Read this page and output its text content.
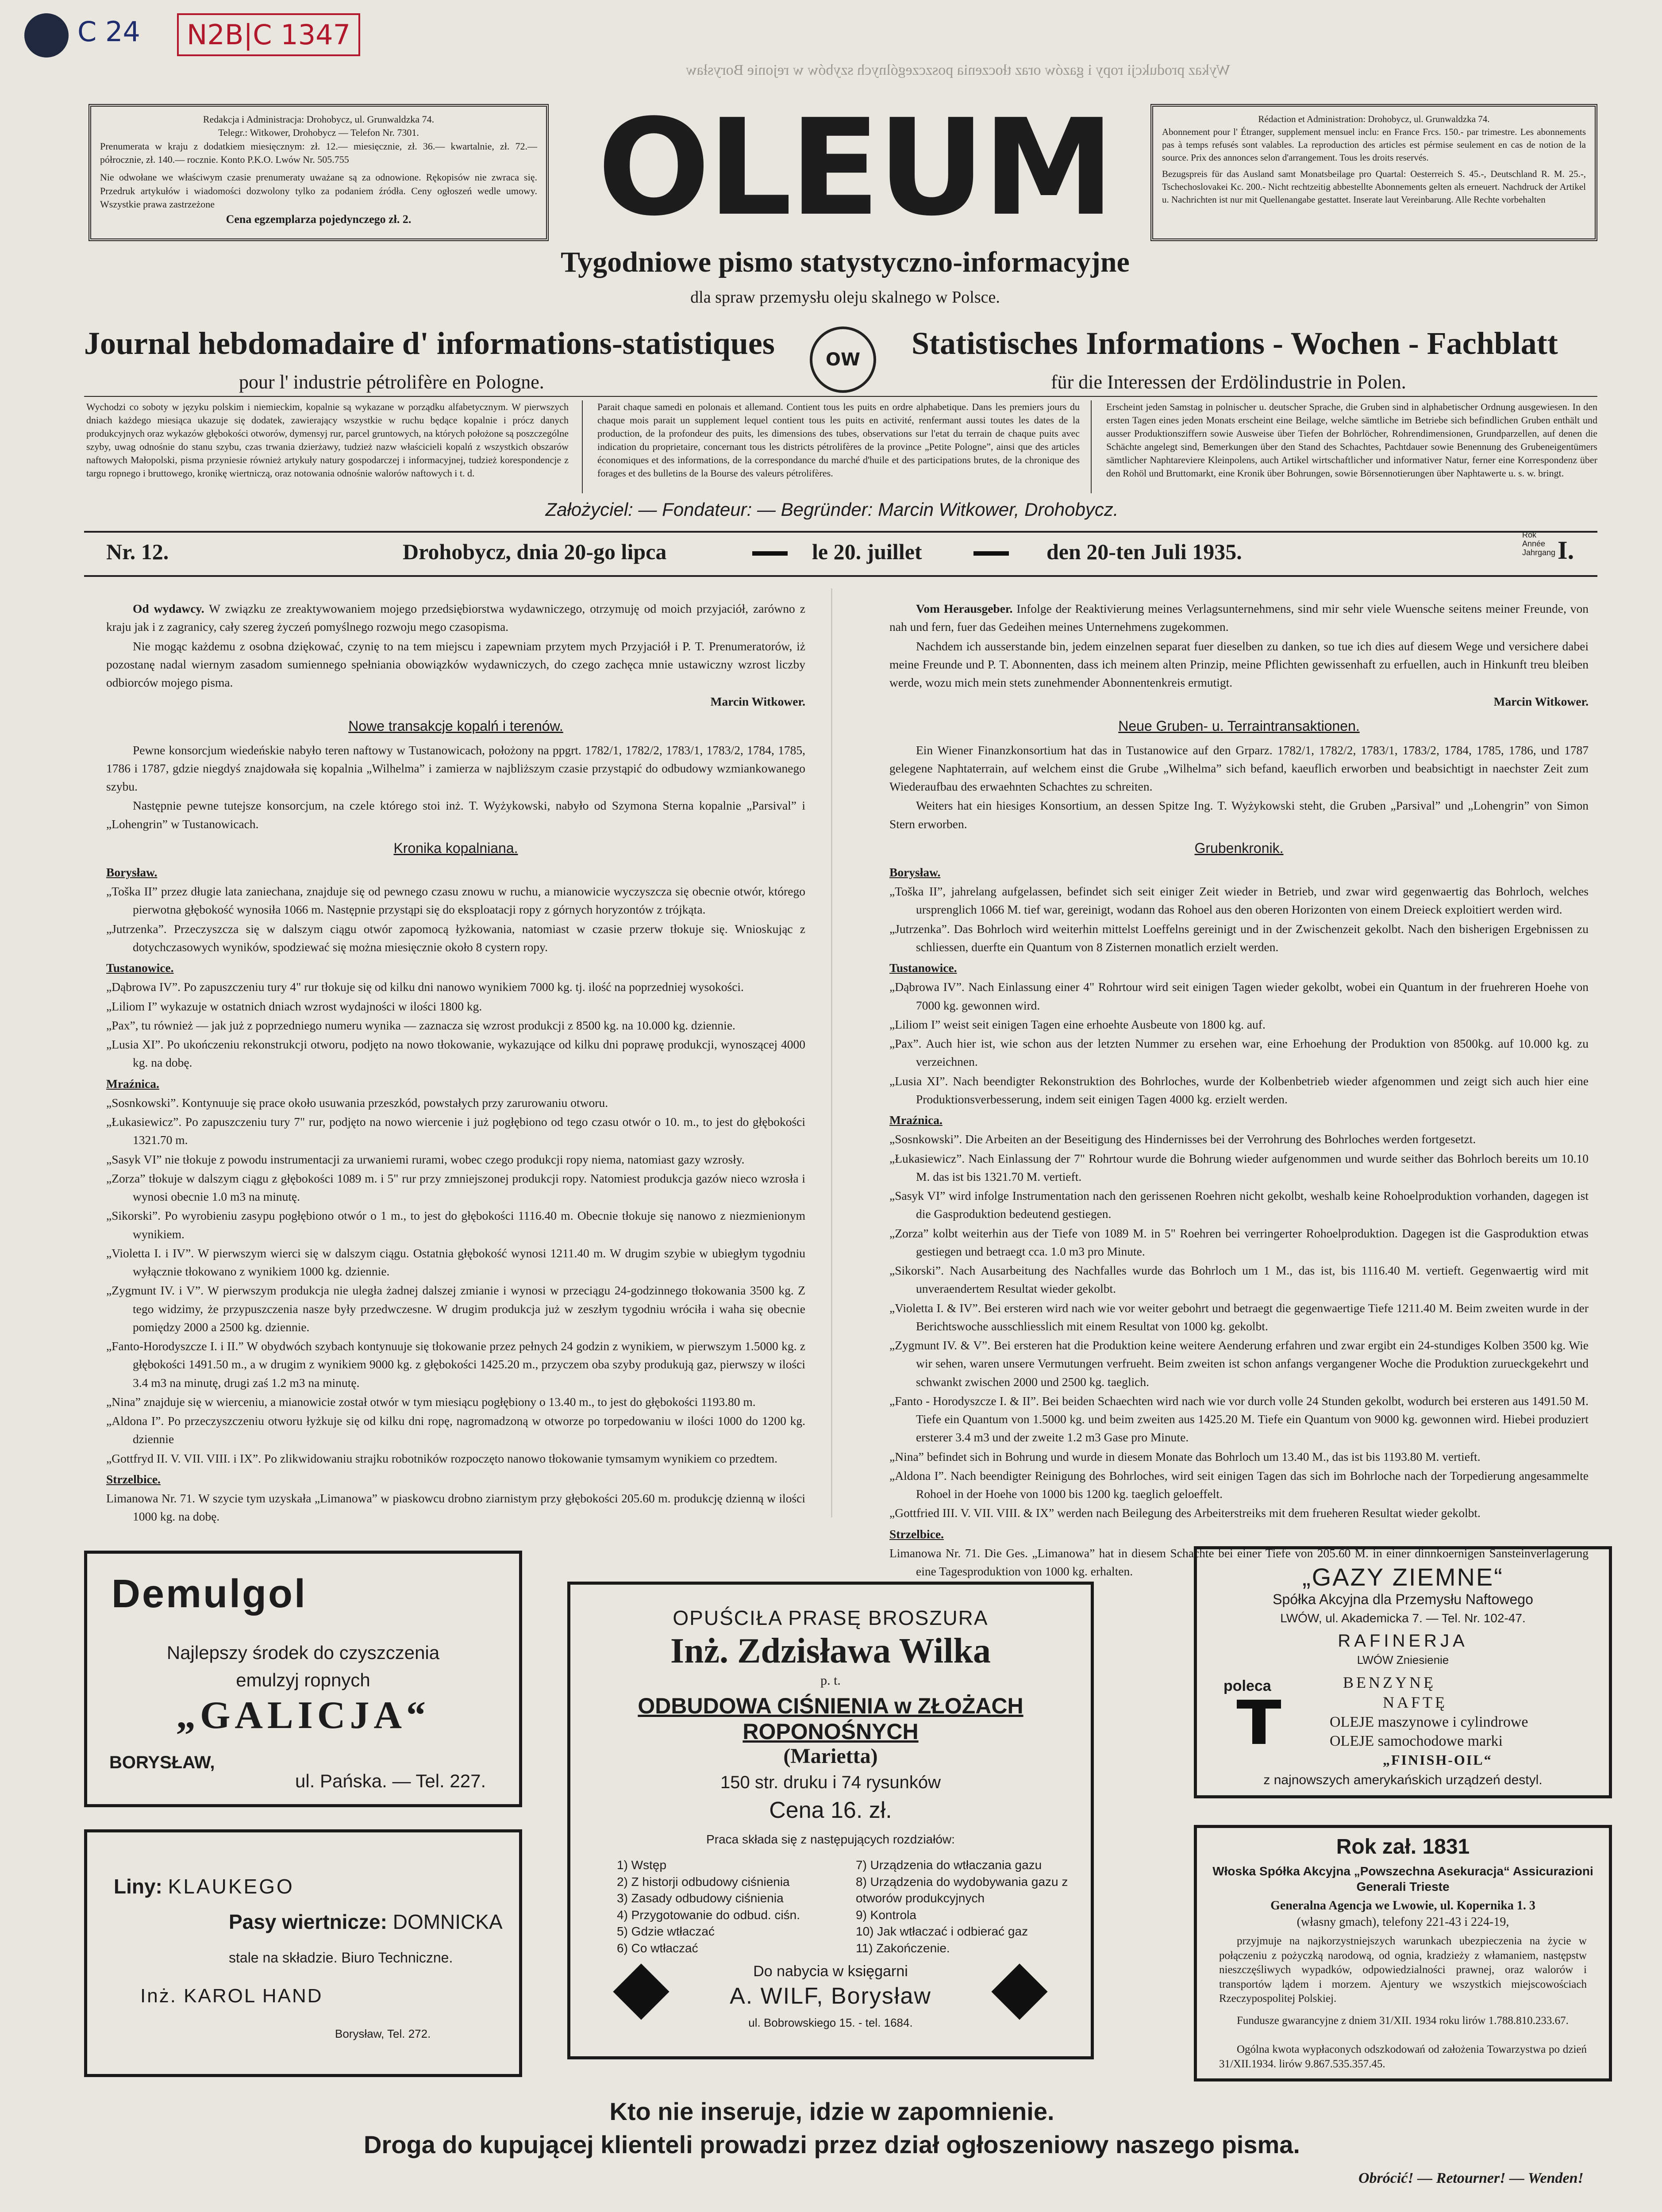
C 24	N2B|C 1347
Wykaz produkcji ropy i gazów oraz tłoczenia poszczególnych szybów w rejonie Borysław

Redakcja i Administracja: Drohobycz, ul. Grunwaldzka 74.

Telegr.: Witkower, Drohobycz — Telefon Nr. 7301.

Prenumerata w kraju z dodatkiem miesięcznym: zł. 12.— miesięcznie, zł. 36.— kwartalnie, zł. 72.— półrocznie, zł. 140.— rocznie. Konto P.K.O. Lwów Nr. 505.755

Nie odwołane we właściwym czasie prenumeraty uważane są za odnowione. Rękopisów nie zwraca się. Przedruk artykułów i wiadomości dozwolony tylko za podaniem źródła. Ceny ogłoszeń wedle umowy. Wszystkie prawa zastrzeżone

Cena egzemplarza pojedynczego zł. 2.

Rédaction et Administration: Drohobycz, ul. Grunwaldzka 74.

Abonnement pour l' Étranger, supplement mensuel inclu: en France Frcs. 150.- par trimestre. Les abonnements pas à temps refusés sont valables. La reproduction des articles est pérmise seulement en cas de notion de la source. Prix des annonces selon d'arrangement. Tous les droits reservés.

Bezugspreis für das Ausland samt Monatsbeilage pro Quartal: Oesterreich S. 45.-, Deutschland R. M. 25.-, Tschechoslovakei Kc. 200.- Nicht rechtzeitig abbestellte Abonnements gelten als erneuert. Nachdruck der Artikel u. Nachrichten ist nur mit Quellenangabe gestattet. Inserate laut Vereinbarung. Alle Rechte vorbehalten

OLEUM
Tygodniowe pismo statystyczno-informacyjne
dla spraw przemysłu oleju skalnego w Polsce.
Journal hebdomadaire d' informations-statistiques
pour l' industrie pétrolifère en Pologne.
OW	Statistisches Informations - Wochen - Fachblatt
für die Interessen der Erdölindustrie in Polen.
Wychodzi co soboty w języku polskim i niemieckim, kopalnie są wykazane w porządku alfabetycznym. W pierwszych dniach każdego miesiąca ukazuje się dodatek, zawierający wszystkie w ruchu będące kopalnie i prócz danych produkcyjnych oraz wykazów głębokości otworów, dymensyj rur, parcel gruntowych, na których położone są poszczególne szyby, uwag odnośnie do stanu szybu, czas trwania dzierżawy, tudzież nazw właścicieli kopalń z wszystkich obszarów naftowych Małopolski, pisma przyniesie również artykuły natury gospodarczej i informacyjnej, tudzież korespondencje z targu ropnego i bruttowego, kronikę wiertniczą, oraz notowania odnośnie walorów naftowych i t. d.
Parait chaque samedi en polonais et allemand. Contient tous les puits en ordre alphabetique. Dans les premiers jours du chaque mois parait un supplement lequel contient tous les puits en activité, renfermant aussi toutes les dates de la production, de la profondeur des puits, les dimensions des tubes, observations sur l'etat du terrain de chaque puits avec indication du proprietaire, concernant tous les districts pétrolifères de la province „Petite Pologne”, ainsi que des articles économiques et des informations, de la correspondance du marché d'huile et des participations brutes, de la chronique des forages et des bulletins de la Bourse des valeurs pétrolifères.
Erscheint jeden Samstag in polnischer u. deutscher Sprache, die Gruben sind in alphabetischer Ordnung ausgewiesen. In den ersten Tagen eines jeden Monats erscheint eine Beilage, welche sämtliche im Betriebe sich befindlichen Gruben enthält und ausser Produktionsziffern sowie Ausweise über Tiefen der Bohrlöcher, Rohrendimensionen, Grundparzellen, auf denen die Schächte angelegt sind, Bemerkungen über den Stand des Schachtes, Pachtdauer sowie Benennung des Grubeneigentümers sämtlicher Naphtareviere Kleinpolens, auch Artikel wirtschaftlicher und informativer Natur, ferner eine Korrespondenz über den Rohöl und Bruttomarkt, eine Kronik über Bohrungen, sowie Börsennotierungen über Naphtawerte u. s. w. bringt.
Założyciel: — Fondateur: — Begründer: Marcin Witkower, Drohobycz.
Nr. 12.	Drohobycz, dnia 20-go lipca	le 20. juillet	den 20-ten Juli 1935.
Rok
Année
Jahrgang I.

Od wydawcy. W związku ze zreaktywowaniem mojego przedsiębiorstwa wydawniczego, otrzymuję od moich przyjaciół, zarówno z kraju jak i z zagranicy, cały szereg życzeń pomyślnego rozwoju mego czasopisma.

Nie mogąc każdemu z osobna dziękować, czynię to na tem miejscu i zapewniam przytem mych Przyjaciół i P. T. Prenumeratorów, iż pozostanę nadal wiernym zasadom sumiennego spełniania obowiązków wydawniczych, do czego zachęca mnie ustawiczny wzrost liczby odbiorców mojego pisma.

Marcin Witkower.

Nowe transakcje kopalń i terenów.

Pewne konsorcjum wiedeńskie nabyło teren naftowy w Tustanowicach, położony na ppgrt. 1782/1, 1782/2, 1783/1, 1783/2, 1784, 1785, 1786 i 1787, gdzie niegdyś znajdowała się kopalnia „Wilhelma” i zamierza w najbliższym czasie przystąpić do odbudowy wzmiankowanego szybu.

Następnie pewne tutejsze konsorcjum, na czele którego stoi inż. T. Wyżykowski, nabyło od Szymona Sterna kopalnie „Parsival” i „Lohengrin” w Tustanowicach.

Kronika kopalniana.

Borysław.

„Toška II” przez długie lata zaniechana, znajduje się od pewnego czasu znowu w ruchu, a mianowicie wyczyszcza się obecnie otwór, którego pierwotna głębokość wynosiła 1066 m. Następnie przystąpi się do eksploatacji ropy z górnych horyzontów z trójkąta.

„Jutrzenka”. Przeczyszcza się w dalszym ciągu otwór zapomocą łyżkowania, natomiast w czasie przerw tłokuje się. Wnioskując z dotychczasowych wyników, spodziewać się można miesięcznie około 8 cystern ropy.

Tustanowice.

„Dąbrowa IV”. Po zapuszczeniu tury 4" rur tłokuje się od kilku dni nanowo wynikiem 7000 kg. tj. ilość na poprzedniej wysokości.

„Liliom I” wykazuje w ostatnich dniach wzrost wydajności w ilości 1800 kg.

„Pax”, tu również — jak już z poprzedniego numeru wynika — zaznacza się wzrost produkcji z 8500 kg. na 10.000 kg. dziennie.

„Lusia XI”. Po ukończeniu rekonstrukcji otworu, podjęto na nowo tłokowanie, wykazujące od kilku dni poprawę produkcji, wynoszącej 4000 kg. na dobę.

Mraźnica.

„Sosnkowski”. Kontynuuje się prace około usuwania przeszkód, powstałych przy zarurowaniu otworu.

„Łukasiewicz”. Po zapuszczeniu tury 7" rur, podjęto na nowo wiercenie i już pogłębiono od tego czasu otwór o 10. m., to jest do głębokości 1321.70 m.

„Sasyk VI” nie tłokuje z powodu instrumentacji za urwaniemi rurami, wobec czego produkcji ropy niema, natomiast gazy wzrosły.

„Zorza” tłokuje w dalszym ciągu z głębokości 1089 m. i 5" rur przy zmniejszonej produkcji ropy. Natomiest produkcja gazów nieco wzrosła i wynosi obecnie 1.0 m3 na minutę.

„Sikorski”. Po wyrobieniu zasypu pogłębiono otwór o 1 m., to jest do głębokości 1116.40 m. Obecnie tłokuje się nanowo z niezmienionym wynikiem.

„Violetta I. i IV”. W pierwszym wierci się w dalszym ciągu. Ostatnia głębokość wynosi 1211.40 m. W drugim szybie w ubiegłym tygodniu wyłącznie tłokowano z wynikiem 1000 kg. dziennie.

„Zygmunt IV. i V”. W pierwszym produkcja nie uległa żadnej dalszej zmianie i wynosi w przeciągu 24-godzinnego tłokowania 3500 kg. Z tego widzimy, że przypuszczenia nasze były przedwczesne. W drugim produkcja już w zeszłym tygodniu wróciła i waha się obecnie pomiędzy 2000 a 2500 kg. dziennie.

„Fanto-Horodyszcze I. i II.” W obydwóch szybach kontynuuje się tłokowanie przez pełnych 24 godzin z wynikiem, w pierwszym 1.5000 kg. z głębokości 1491.50 m., a w drugim z wynikiem 9000 kg. z głębokości 1425.20 m., przyczem oba szyby produkują gaz, pierwszy w ilości 3.4 m3 na minutę, drugi zaś 1.2 m3 na minutę.

„Nina” znajduje się w wierceniu, a mianowicie został otwór w tym miesiącu pogłębiony o 13.40 m., to jest do głębokości 1193.80 m.

„Aldona I”. Po przeczyszczeniu otworu łyżkuje się od kilku dni ropę, nagromadzoną w otworze po torpedowaniu w ilości 1000 do 1200 kg. dziennie

„Gottfryd II. V. VII. VIII. i IX”. Po zlikwidowaniu strajku robotników rozpoczęto nanowo tłokowanie tymsamym wynikiem co przedtem.

Strzelbice.

Limanowa Nr. 71. W szycie tym uzyskała „Limanowa” w piaskowcu drobno ziarnistym przy głębokości 205.60 m. produkcję dzienną w ilości 1000 kg. na dobę.

Vom Herausgeber. Infolge der Reaktivierung meines Verlagsunternehmens, sind mir sehr viele Wuensche seitens meiner Freunde, von nah und fern, fuer das Gedeihen meines Unternehmens zugekommen.

Nachdem ich ausserstande bin, jedem einzelnen separat fuer dieselben zu danken, so tue ich dies auf diesem Wege und versichere dabei meine Freunde und P. T. Abonnenten, dass ich meinem alten Prinzip, meine Pflichten gewissenhaft zu erfuellen, auch in Hinkunft treu bleiben werde, wozu mich mein stets zunehmender Abonnentenkreis ermutigt.

Marcin Witkower.

Neue Gruben- u. Terraintransaktionen.

Ein Wiener Finanzkonsortium hat das in Tustanowice auf den Grparz. 1782/1, 1782/2, 1783/1, 1783/2, 1784, 1785, 1786, und 1787 gelegene Naphtaterrain, auf welchem einst die Grube „Wilhelma” sich befand, kaeuflich erworben und beabsichtigt in naechster Zeit zum Wiederaufbau des erwaehnten Schachtes zu schreiten.

Weiters hat ein hiesiges Konsortium, an dessen Spitze Ing. T. Wyżykowski steht, die Gruben „Parsival” und „Lohengrin” von Simon Stern erworben.

Grubenkronik.

Borysław.

„Toška II”, jahrelang aufgelassen, befindet sich seit einiger Zeit wieder in Betrieb, und zwar wird gegenwaertig das Bohrloch, welches ursprenglich 1066 M. tief war, gereinigt, wodann das Rohoel aus den oberen Horizonten von einem Dreieck exploitiert werden wird.

„Jutrzenka”. Das Bohrloch wird weiterhin mittelst Loeffelns gereinigt und in der Zwischenzeit gekolbt. Nach den bisherigen Ergebnissen zu schliessen, duerfte ein Quantum von 8 Zisternen monatlich erzielt werden.

Tustanowice.

„Dąbrowa IV”. Nach Einlassung einer 4" Rohrtour wird seit einigen Tagen wieder gekolbt, wobei ein Quantum in der fruehreren Hoehe von 7000 kg. gewonnen wird.

„Liliom I” weist seit einigen Tagen eine erhoehte Ausbeute von 1800 kg. auf.

„Pax”. Auch hier ist, wie schon aus der letzten Nummer zu ersehen war, eine Erhoehung der Produktion von 8500kg. auf 10.000 kg. zu verzeichnen.

„Lusia XI”. Nach beendigter Rekonstruktion des Bohrloches, wurde der Kolbenbetrieb wieder afgenommen und zeigt sich auch hier eine Produktionsverbesserung, indem seit einigen Tagen 4000 kg. erzielt werden.

Mraźnica.

„Sosnkowski”. Die Arbeiten an der Beseitigung des Hindernisses bei der Verrohrung des Bohrloches werden fortgesetzt.

„Łukasiewicz”. Nach Einlassung der 7" Rohrtour wurde die Bohrung wieder aufgenommen und wurde seither das Bohrloch bereits um 10.10 M. das ist bis 1321.70 M. vertieft.

„Sasyk VI” wird infolge Instrumentation nach den gerissenen Roehren nicht gekolbt, weshalb keine Rohoelproduktion vorhanden, dagegen ist die Gasproduktion bedeutend gestiegen.

„Zorza” kolbt weiterhin aus der Tiefe von 1089 M. in 5" Roehren bei verringerter Rohoelproduktion. Dagegen ist die Gasproduktion etwas gestiegen und betraegt cca. 1.0 m3 pro Minute.

„Sikorski”. Nach Ausarbeitung des Nachfalles wurde das Bohrloch um 1 M., das ist, bis 1116.40 M. vertieft. Gegenwaertig wird mit unveraendertem Resultat wieder gekolbt.

„Violetta I. & IV”. Bei ersteren wird nach wie vor weiter gebohrt und betraegt die gegenwaertige Tiefe 1211.40 M. Beim zweiten wurde in der Berichtswoche ausschliesslich mit einem Resultat von 1000 kg. gekolbt.

„Zygmunt IV. & V”. Bei ersteren hat die Produktion keine weitere Aenderung erfahren und zwar ergibt ein 24-stundiges Kolben 3500 kg. Wie wir sehen, waren unsere Vermutungen verfrueht. Beim zweiten ist schon anfangs vergangener Woche die Produktion zurueckgekehrt und schwankt zwischen 2000 und 2500 kg. taeglich.

„Fanto - Horodyszcze I. & II”. Bei beiden Schaechten wird nach wie vor durch volle 24 Stunden gekolbt, wodurch bei ersteren aus 1491.50 M. Tiefe ein Quantum von 1.5000 kg. und beim zweiten aus 1425.20 M. Tiefe ein Quantum von 9000 kg. gewonnen wird. Hiebei produziert ersterer 3.4 m3 und der zweite 1.2 m3 Gase pro Minute.

„Nina” befindet sich in Bohrung und wurde in diesem Monate das Bohrloch um 13.40 M., das ist bis 1193.80 M. vertieft.

„Aldona I”. Nach beendigter Reinigung des Bohrloches, wird seit einigen Tagen das sich im Bohrloche nach der Torpedierung angesammelte Rohoel in der Hoehe von 1000 bis 1200 kg. taeglich geloeffelt.

„Gottfried III. V. VII. VIII. & IX” werden nach Beilegung des Arbeiterstreiks mit dem frueheren Resultat wieder gekolbt.

Strzelbice.

Limanowa Nr. 71. Die Ges. „Limanowa” hat in diesem Schachte bei einer Tiefe von 205.60 M. in einer dinnkoernigen Sansteinverlagerung eine Tagesproduktion von 1000 kg. erhalten.

Demulgol
Najlepszy środek do czyszczenia
emulzyj ropnych
„GALICJA“
BORYSŁAW,
ul. Pańska. — Tel. 227.
Liny: KLAUKEGO
Pasy wiertnicze: DOMNICKA
stale na składzie. Biuro Techniczne.
Inż. KAROL HAND
Borysław, Tel. 272.
OPUŚCIŁA PRASĘ BROSZURA
Inż. Zdzisława Wilka
p. t.
ODBUDOWA CIŚNIENIA w ZŁOŻACH ROPONOŚNYCH
(Marietta)
150 str. druku i 74 rysunków
Cena 16. zł.
Praca składa się z następujących rozdziałów:
1) Wstęp
2) Z historji odbudowy ciśnienia
3) Zasady odbudowy ciśnienia
4) Przygotowanie do odbud. ciśn.
5) Gdzie wtłaczać
6) Co wtłaczać
7) Urządzenia do wtłaczania gazu
8) Urządzenia do wydobywania gazu z otworów produkcyjnych
9) Kontrola
10) Jak wtłaczać i odbierać gaz
11) Zakończenie.
Do nabycia w księgarni
A. WILF, Borysław
ul. Bobrowskiego 15. - tel. 1684.
„GAZY ZIEMNE“
Spółka Akcyjna dla Przemysłu Naftowego
LWÓW, ul. Akademicka 7. — Tel. Nr. 102-47.
RAFINERJA
LWÓW Zniesienie
poleca	BENZYNĘ
NAFTĘ
OLEJE maszynowe i cylindrowe
OLEJE samochodowe marki
„FINISH-OIL“
z najnowszych amerykańskich urządzeń destyl.
Rok zał. 1831
Włoska Spółka Akcyjna „Powszechna Asekuracja“ Assicurazioni Generali Trieste
Generalna Agencja we Lwowie, ul. Kopernika 1. 3
(własny gmach), telefony 221-43 i 224-19,
przyjmuje na najkorzystniejszych warunkach ubezpieczenia na życie w połączeniu z pożyczką narodową, od ognia, kradzieży z włamaniem, następstw nieszczęśliwych wypadków, odpowiedzialności prawnej, oraz walorów i transportów lądem i morzem. Ajentury we wszystkich miejscowościach Rzeczypospolitej Polskiej.
Fundusze gwarancyjne z dniem 31/XII. 1934 roku lirów 1.788.810.233.67.
Ogólna kwota wypłaconych odszkodowań od założenia Towarzystwa po dzień 31/XII.1934. lirów 9.867.535.357.45.
Kto nie inseruje, idzie w zapomnienie.
Droga do kupującej klienteli prowadzi przez dział ogłoszeniowy naszego pisma.
Obrócić! — Retourner! — Wenden!
